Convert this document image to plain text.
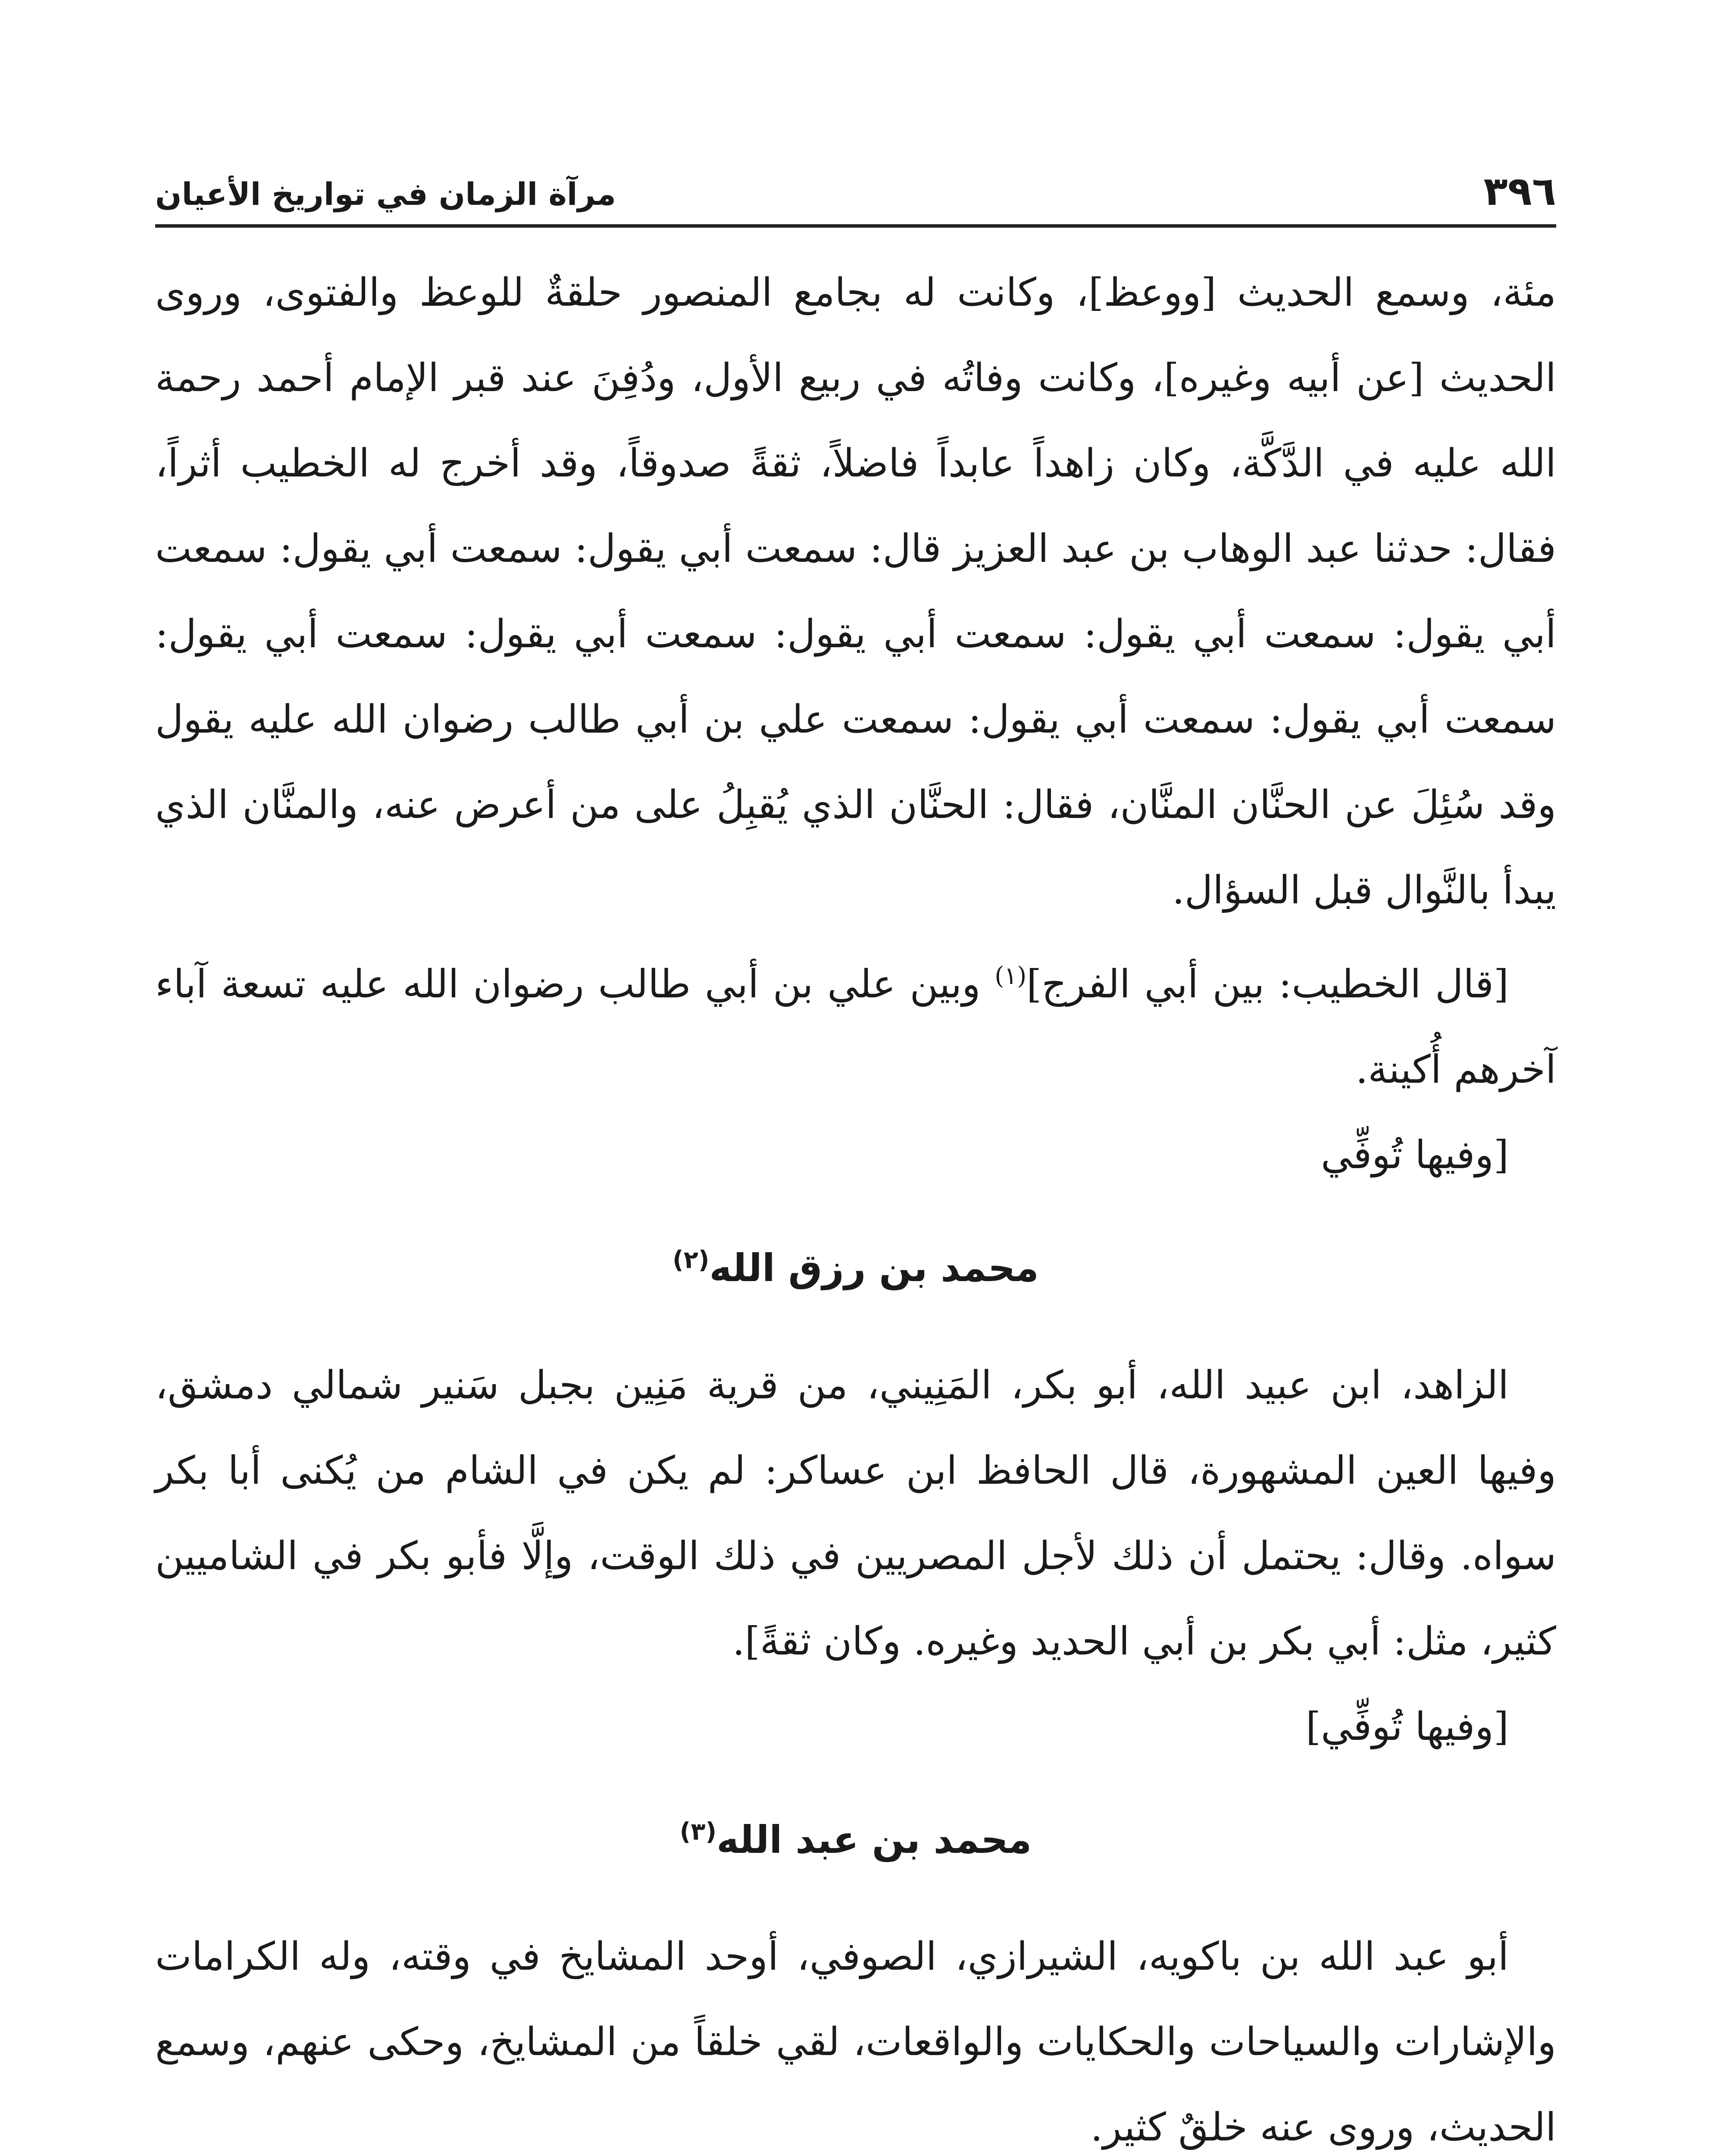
مرآة الزمان في تواريخ الأعيان	٣٩٦

مئة، وسمع الحديث [ووعظ]، وكانت له بجامع المنصور حلقةٌ للوعظ والفتوى، وروى الحديث [عن أبيه وغيره]، وكانت وفاتُه في ربيع الأول، ودُفِنَ عند قبر الإمام أحمد رحمة الله عليه في الدَّكَّة، وكان زاهداً عابداً فاضلاً، ثقةً صدوقاً، وقد أخرج له الخطيب أثراً، فقال: حدثنا عبد الوهاب بن عبد العزيز قال: سمعت أبي يقول: سمعت أبي يقول: سمعت أبي يقول: سمعت أبي يقول: سمعت أبي يقول: سمعت أبي يقول: سمعت أبي يقول: سمعت أبي يقول: سمعت أبي يقول: سمعت علي بن أبي طالب رضوان الله عليه يقول وقد سُئِلَ عن الحنَّان المنَّان، فقال: الحنَّان الذي يُقبِلُ على من أعرض عنه، والمنَّان الذي يبدأ بالنَّوال قبل السؤال.

[قال الخطيب: بين أبي الفرج]$^{(١)}$ وبين علي بن أبي طالب رضوان الله عليه تسعة آباء آخرهم أُكينة.

[وفيها تُوفِّي

محمد بن رزق الله$^{(٢)}$

الزاهد، ابن عبيد الله، أبو بكر، المَنِيني، من قرية مَنِين بجبل سَنير شمالي دمشق، وفيها العين المشهورة، قال الحافظ ابن عساكر: لم يكن في الشام من يُكنى أبا بكر سواه. وقال: يحتمل أن ذلك لأجل المصريين في ذلك الوقت، وإلَّا فأبو بكر في الشاميين كثير، مثل: أبي بكر بن أبي الحديد وغيره. وكان ثقةً].

[وفيها تُوفِّي]

محمد بن عبد الله$^{(٣)}$

أبو عبد الله بن باكويه، الشيرازي، الصوفي، أوحد المشايخ في وقته، وله الكرامات والإشارات والسياحات والحكايات والواقعات، لقي خلقاً من المشايخ، وحكى عنهم، وسمع الحديث، وروى عنه خلقٌ كثير.
